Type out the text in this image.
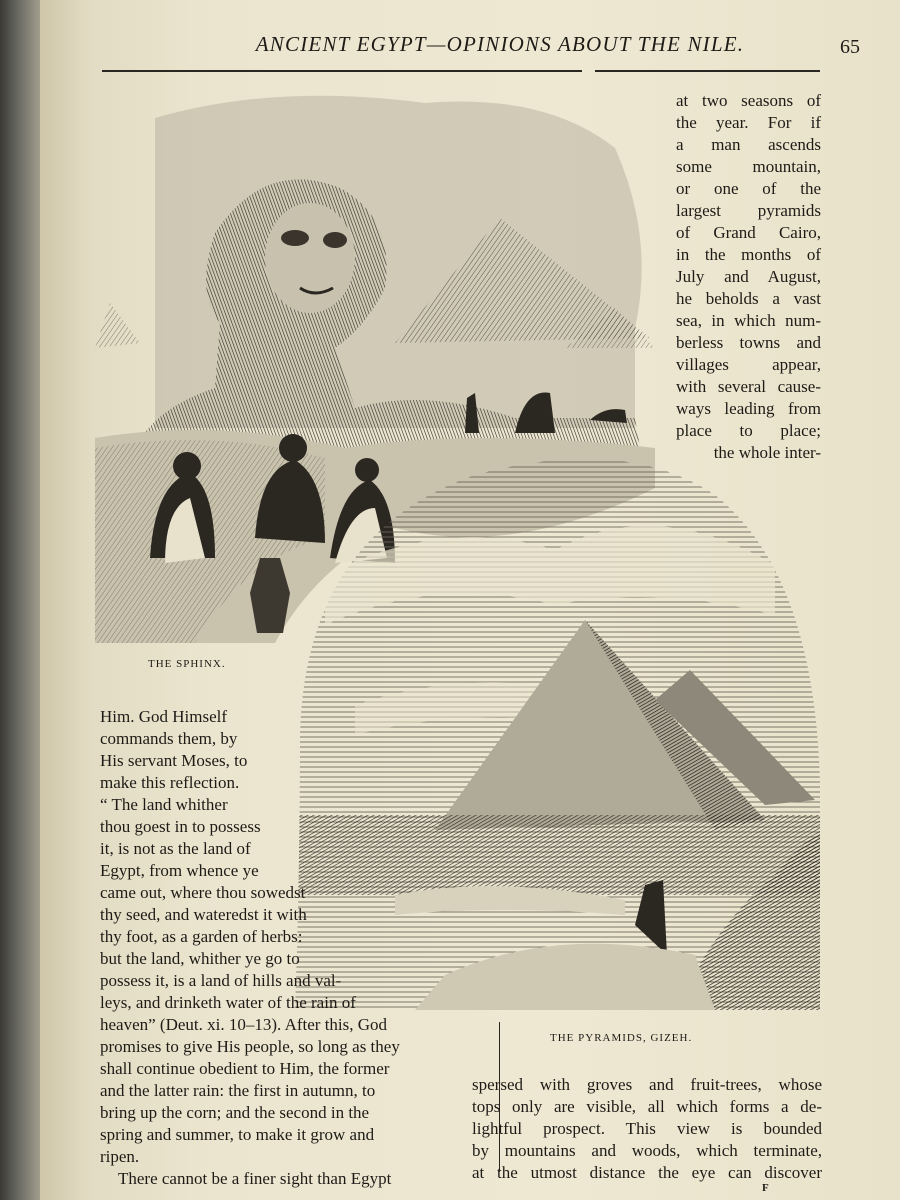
ANCIENT EGYPT—OPINIONS ABOUT THE NILE.	65
THE SPHINX.
THE PYRAMIDS, GIZEH.
at two seasons of
the year. For if
a man ascends
some mountain,
or one of the
largest pyramids
of Grand Cairo,
in the months of
July and August,
he beholds a vast
sea, in which num-
berless towns and
villages appear,
with several cause-
ways leading from
place to place;
the whole inter-
Him. God Himself
commands them, by
His servant Moses, to
make this reflection.
“ The land whither
thou goest in to possess
it, is not as the land of
Egypt, from whence ye
came out, where thou sowedst
thy seed, and wateredst it with
thy foot, as a garden of herbs:
but the land, whither ye go to
possess it, is a land of hills and val-
leys, and drinketh water of the rain of
heaven” (Deut. xi. 10–13). After this, God
promises to give His people, so long as they
shall continue obedient to Him, the former
and the latter rain: the first in autumn, to
bring up the corn; and the second in the
spring and summer, to make it grow and
ripen.
There cannot be a finer sight than Egypt
spersed with groves and fruit-trees, whose
tops only are visible, all which forms a de-
lightful prospect. This view is bounded
by mountains and woods, which terminate,
at the utmost distance the eye can discover
F
